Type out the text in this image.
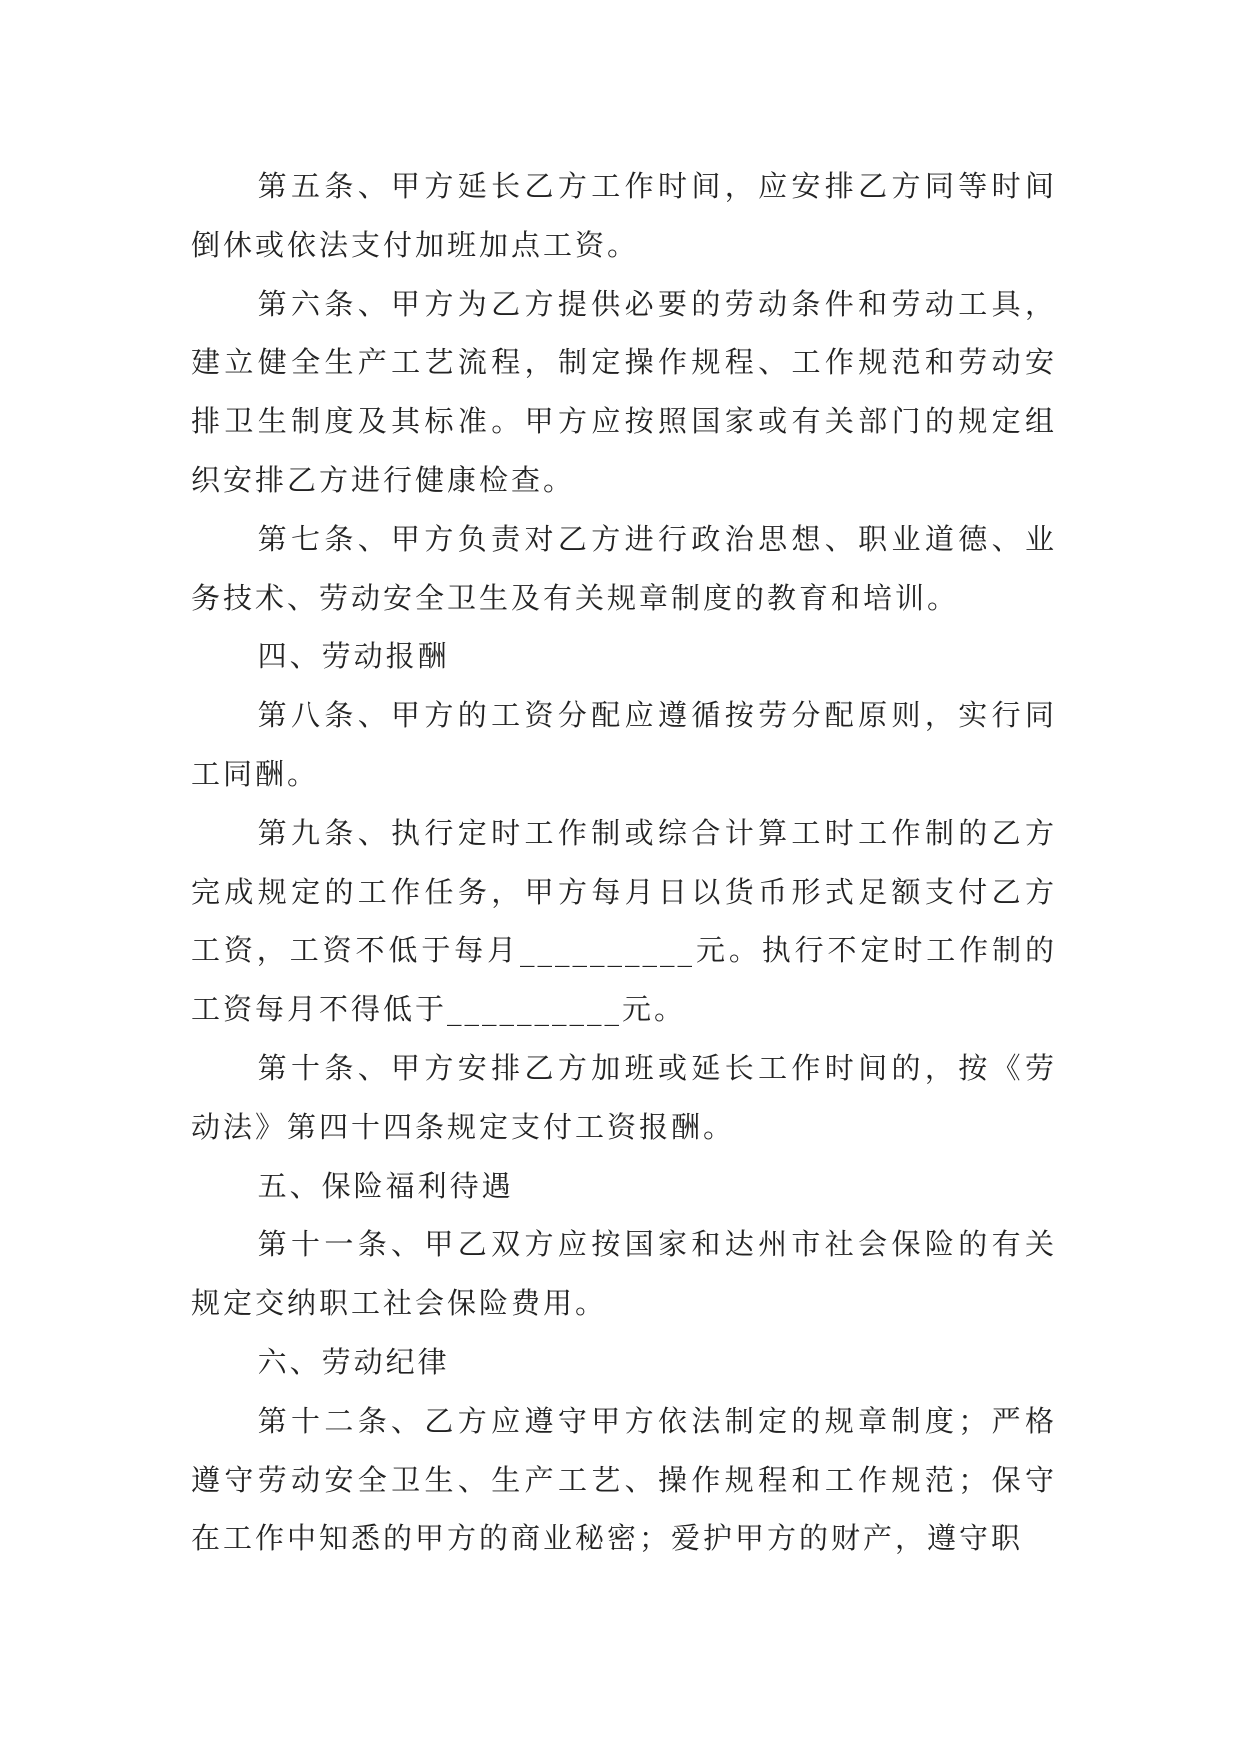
第五条、甲方延长乙方工作时间，应安排乙方同等时间
倒休或依法支付加班加点工资。
第六条、甲方为乙方提供必要的劳动条件和劳动工具，
建立健全生产工艺流程，制定操作规程、工作规范和劳动安
排卫生制度及其标准。甲方应按照国家或有关部门的规定组
织安排乙方进行健康检查。
第七条、甲方负责对乙方进行政治思想、职业道德、业
务技术、劳动安全卫生及有关规章制度的教育和培训。
四、劳动报酬
第八条、甲方的工资分配应遵循按劳分配原则，实行同
工同酬。
第九条、执行定时工作制或综合计算工时工作制的乙方
完成规定的工作任务，甲方每月日以货币形式足额支付乙方
工资，工资不低于每月__________元。执行不定时工作制的
工资每月不得低于__________元。
第十条、甲方安排乙方加班或延长工作时间的，按《劳
动法》第四十四条规定支付工资报酬。
五、保险福利待遇
第十一条、甲乙双方应按国家和达州市社会保险的有关
规定交纳职工社会保险费用。
六、劳动纪律
第十二条、乙方应遵守甲方依法制定的规章制度；严格
遵守劳动安全卫生、生产工艺、操作规程和工作规范；保守
在工作中知悉的甲方的商业秘密；爱护甲方的财产，遵守职
